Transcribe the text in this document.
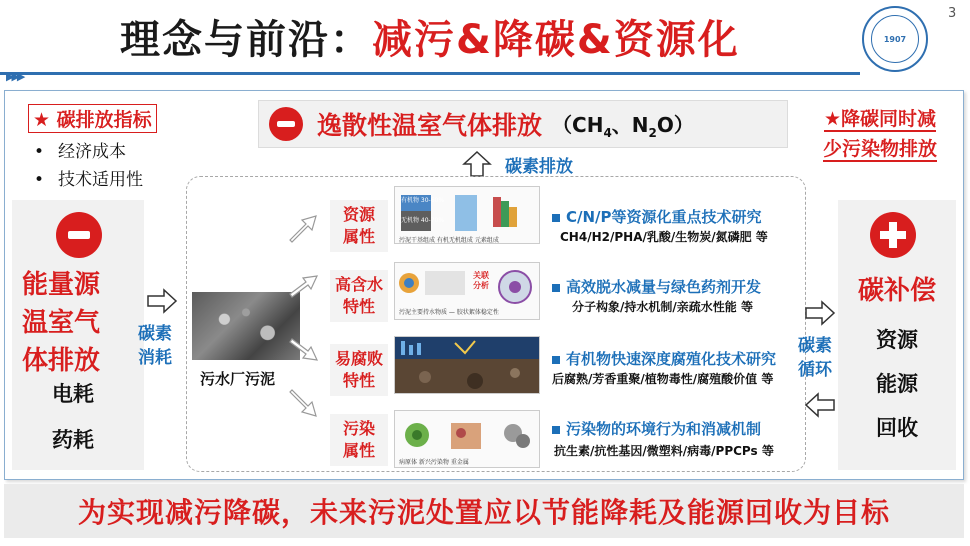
理念与前沿：减污&降碳&资源化	1907
3
▶▶▶
★ 碳排放指标
• 经济成本
• 技术适用性
逸散性温室气体排放 （$CH_4$、$N_2O$）	★降碳同时减
少污染物排放
碳素排放
能量源
温室气
体排放
电耗
药耗
碳素
消耗
污水厂污泥
资源
属性
有机物 30-60%
无机物 40-70%
污泥干基组成 有机无机组成 元素组成
C/N/P等资源化重点技术研究
CH4/H2/PHA/乳酸/生物炭/氮磷肥 等
高含水
特性
关联分析
污泥主要持水物质 — 胶状絮体稳定性
高效脱水减量与绿色药剂开发
分子构象/持水机制/亲疏水性能 等
易腐败
特性
有机物快速深度腐殖化技术研究
后腐熟/芳香重聚/植物毒性/腐殖酸价值 等
污染
属性
病原体 新兴污染物 重金属
污染物的环境行为和消减机制
抗生素/抗性基因/微塑料/病毒/PPCPs 等
碳素
循环
碳补偿
资源
能源
回收
为实现减污降碳，未来污泥处置应以节能降耗及能源回收为目标
